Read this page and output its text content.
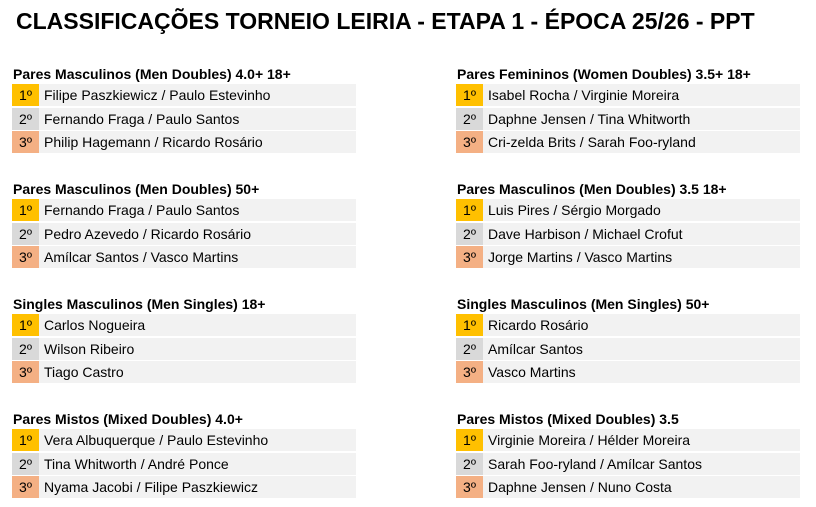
CLASSIFICAÇÕES TORNEIO LEIRIA - ETAPA 1 - ÉPOCA 25/26 - PPT
Pares Masculinos (Men Doubles) 4.0+ 18+
1º Filipe Paszkiewicz / Paulo Estevinho
2º Fernando Fraga / Paulo Santos
3º Philip Hagemann / Ricardo Rosário
Pares Femininos (Women Doubles) 3.5+ 18+
1º Isabel Rocha / Virginie Moreira
2º Daphne Jensen / Tina Whitworth
3º Cri-zelda Brits / Sarah Foo-ryland
Pares Masculinos (Men Doubles) 50+
1º Fernando Fraga / Paulo Santos
2º Pedro Azevedo / Ricardo Rosário
3º Amílcar Santos / Vasco Martins
Pares Masculinos (Men Doubles) 3.5 18+
1º Luis Pires / Sérgio Morgado
2º Dave Harbison / Michael Crofut
3º Jorge Martins / Vasco Martins
Singles Masculinos (Men Singles) 18+
1º Carlos Nogueira
2º Wilson Ribeiro
3º Tiago Castro
Singles Masculinos (Men Singles) 50+
1º Ricardo Rosário
2º Amílcar Santos
3º Vasco Martins
Pares Mistos (Mixed Doubles) 4.0+
1º Vera Albuquerque / Paulo Estevinho
2º Tina Whitworth / André Ponce
3º Nyama Jacobi / Filipe Paszkiewicz
Pares Mistos (Mixed Doubles) 3.5
1º Virginie Moreira / Hélder Moreira
2º Sarah Foo-ryland / Amílcar Santos
3º Daphne Jensen / Nuno Costa
